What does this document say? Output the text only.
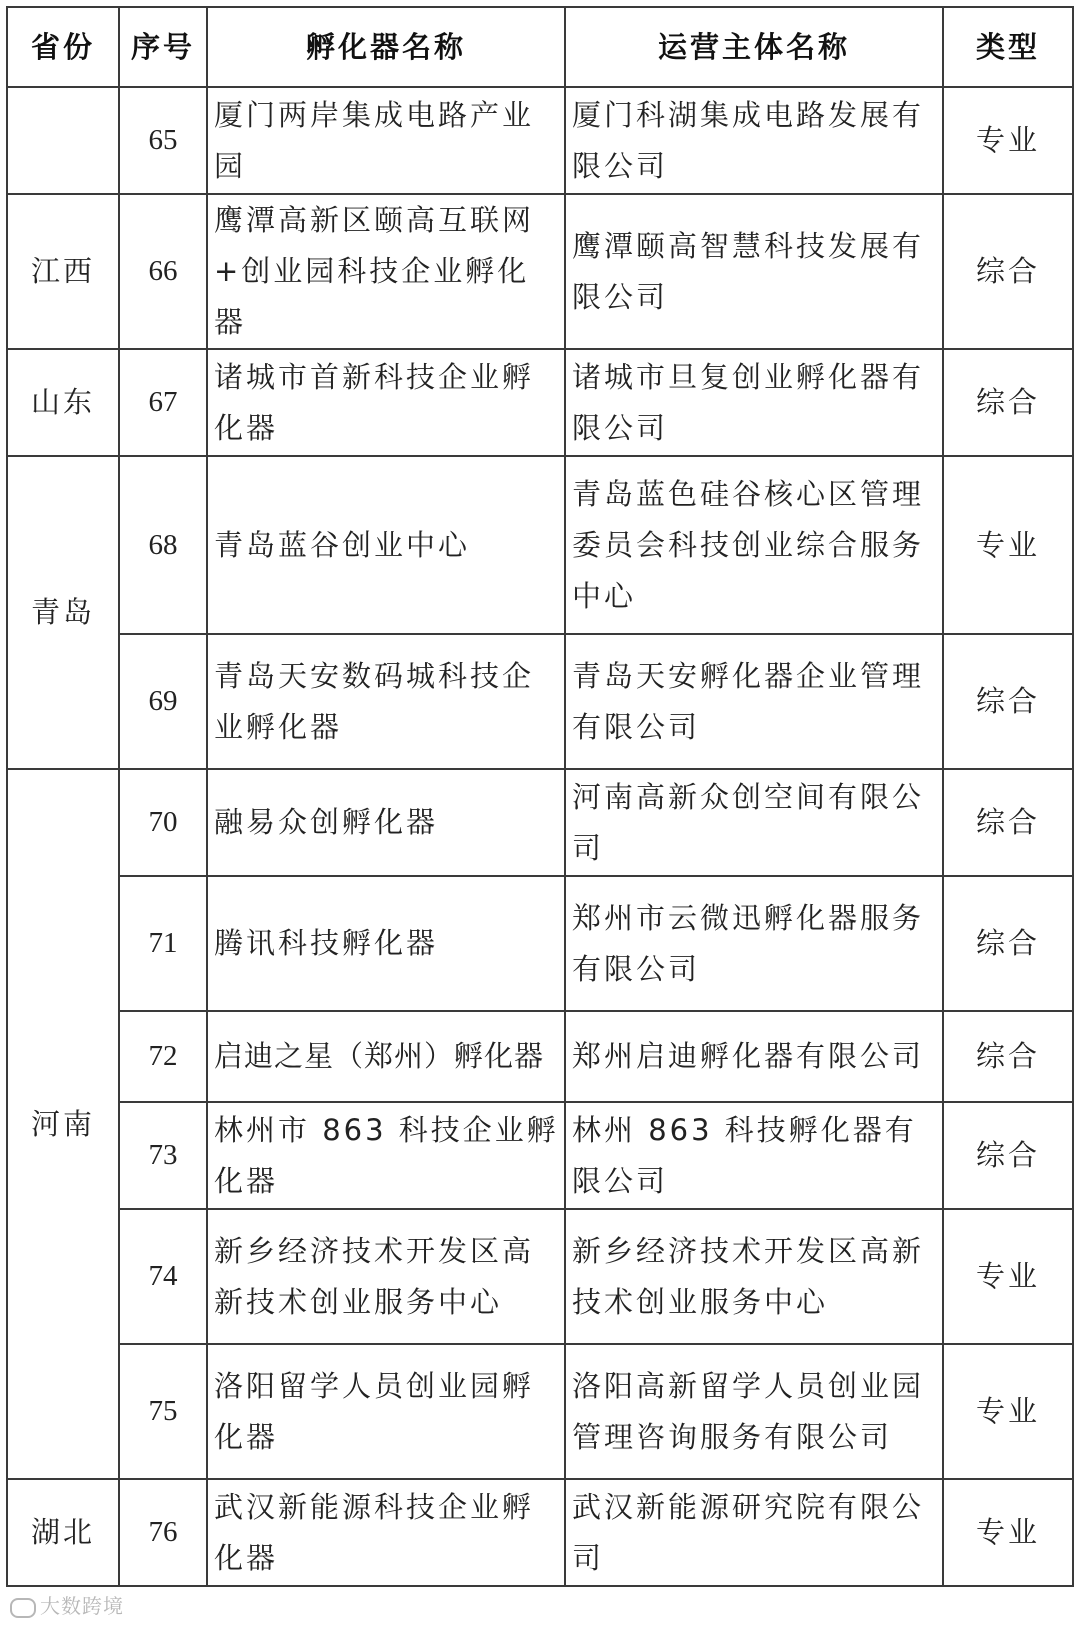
省份	序号	孵化器名称	运营主体名称	类型
	65	厦门两岸集成电路产业园	厦门科湖集成电路发展有限公司	专业
江西	66	鹰潭高新区颐高互联网+创业园科技企业孵化器	鹰潭颐高智慧科技发展有限公司	综合
山东	67	诸城市首新科技企业孵化器	诸城市旦复创业孵化器有限公司	综合
青岛	68	青岛蓝谷创业中心	青岛蓝色硅谷核心区管理委员会科技创业综合服务中心	专业
	69	青岛天安数码城科技企业孵化器	青岛天安孵化器企业管理有限公司	综合
河南	70	融易众创孵化器	河南高新众创空间有限公司	综合
	71	腾讯科技孵化器	郑州市云微迅孵化器服务有限公司	综合
	72	启迪之星（郑州）孵化器	郑州启迪孵化器有限公司	综合
	73	林州市 863 科技企业孵化器	林州 863 科技孵化器有限公司	综合
	74	新乡经济技术开发区高新技术创业服务中心	新乡经济技术开发区高新技术创业服务中心	专业
	75	洛阳留学人员创业园孵化器	洛阳高新留学人员创业园管理咨询服务有限公司	专业
湖北	76	武汉新能源科技企业孵化器	武汉新能源研究院有限公司	专业
大数跨境
